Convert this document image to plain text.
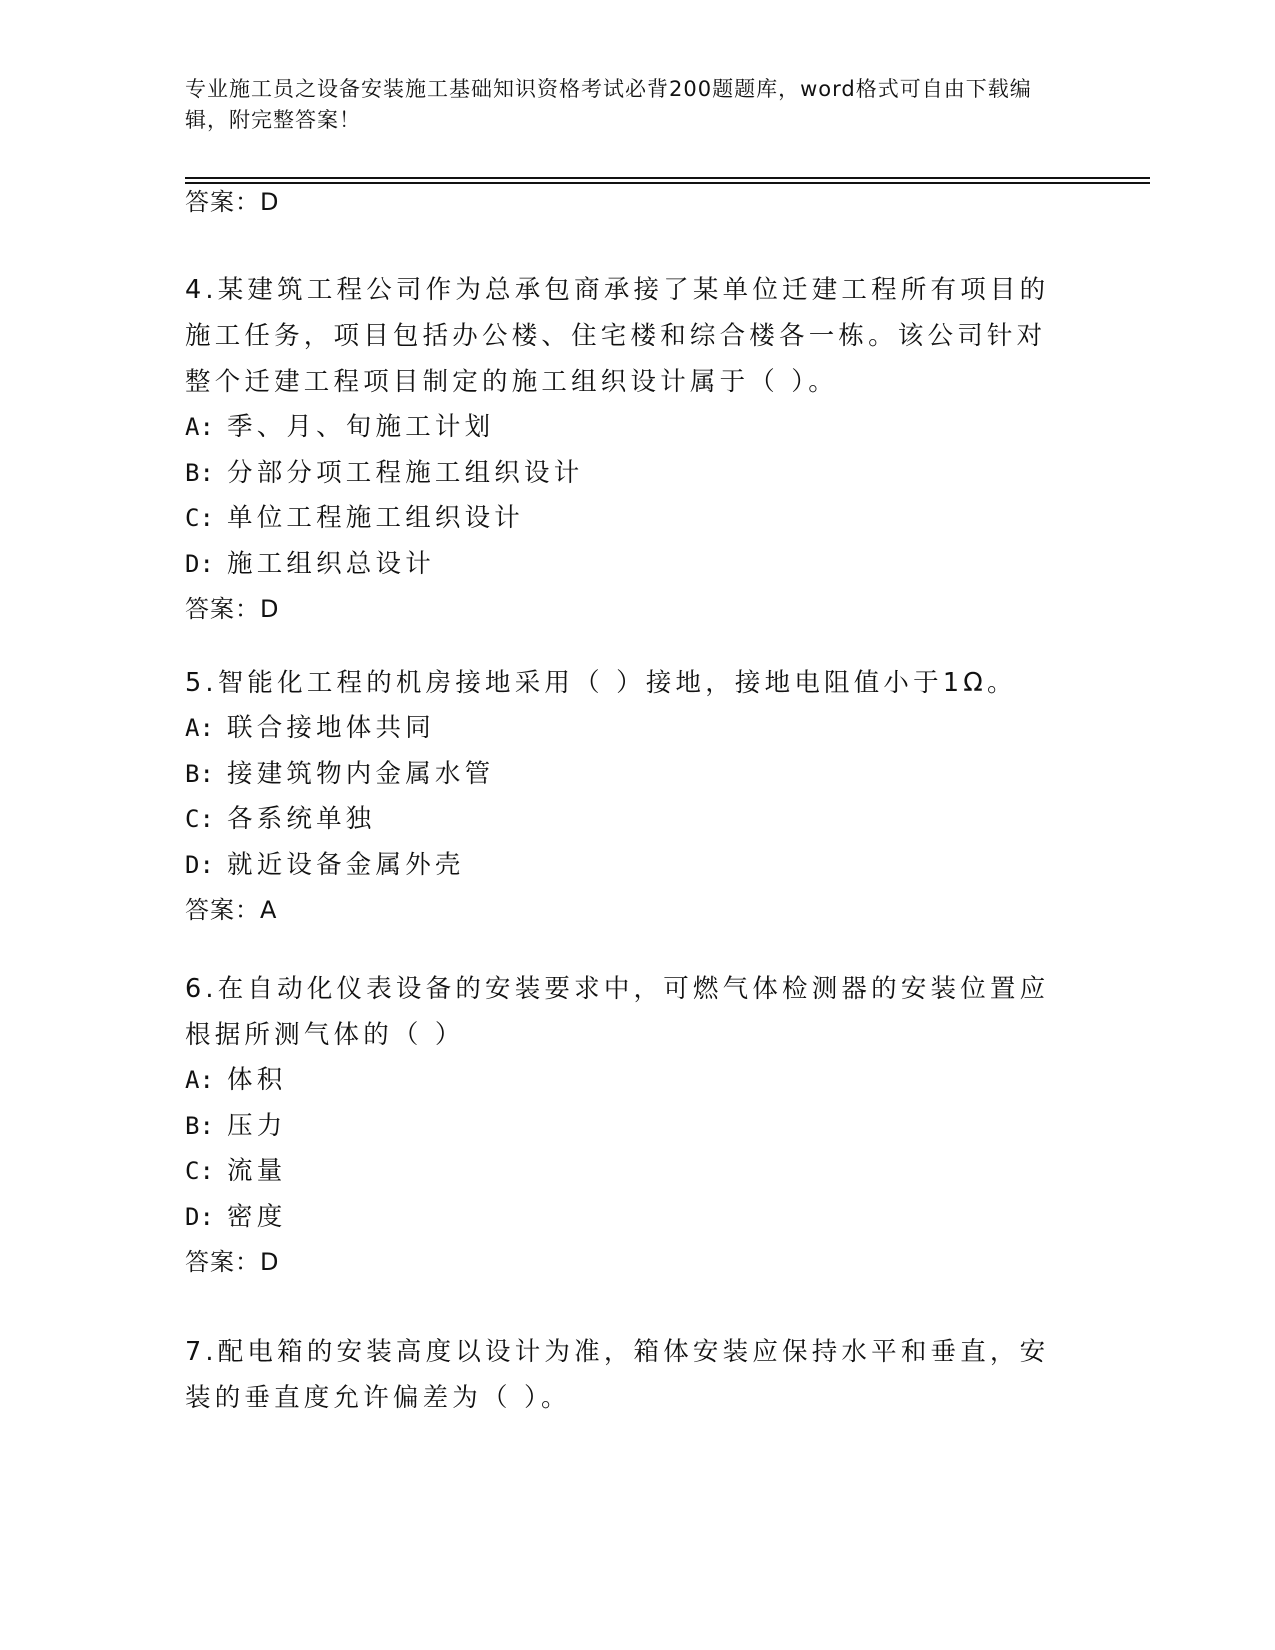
专业施工员之设备安装施工基础知识资格考试必背200题题库，word格式可自由下载编辑，附完整答案！
答案：D
4.某建筑工程公司作为总承包商承接了某单位迁建工程所有项目的施工任务，项目包括办公楼、住宅楼和综合楼各一栋。该公司针对整个迁建工程项目制定的施工组织设计属于（ ）。
A: 季、月、旬施工计划
B: 分部分项工程施工组织设计
C: 单位工程施工组织设计
D: 施工组织总设计
答案：D
5.智能化工程的机房接地采用（ ）接地，接地电阻值小于1Ω。
A: 联合接地体共同
B: 接建筑物内金属水管
C: 各系统单独
D: 就近设备金属外壳
答案：A
6.在自动化仪表设备的安装要求中，可燃气体检测器的安装位置应根据所测气体的（ ）
A: 体积
B: 压力
C: 流量
D: 密度
答案：D
7.配电箱的安装高度以设计为准，箱体安装应保持水平和垂直，安装的垂直度允许偏差为（ ）。
